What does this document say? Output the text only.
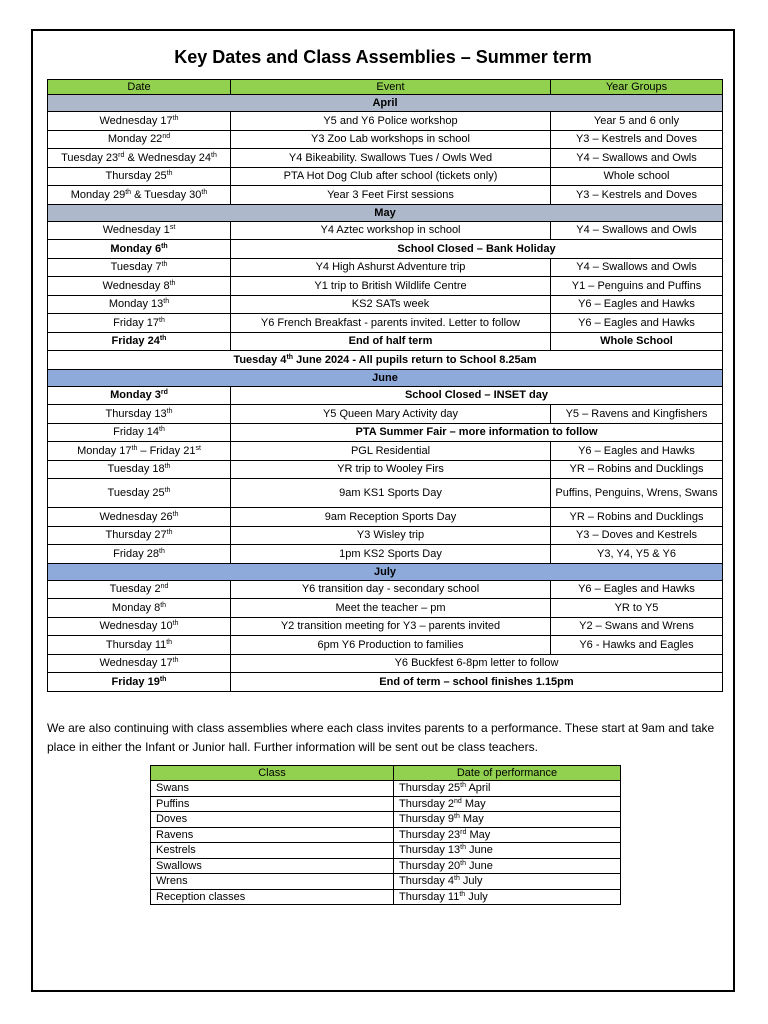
Key Dates and Class Assemblies – Summer term
Date	Event	Year Groups
April		
Wednesday 17th	Y5 and Y6 Police workshop	Year 5 and 6 only
Monday 22nd	Y3 Zoo Lab workshops in school	Y3 – Kestrels and Doves
Tuesday 23rd & Wednesday 24th	Y4 Bikeability. Swallows Tues / Owls Wed	Y4 – Swallows and Owls
Thursday 25th	PTA Hot Dog Club after school (tickets only)	Whole school
Monday 29th & Tuesday 30th	Year 3 Feet First sessions	Y3 – Kestrels and Doves
May		
Wednesday 1st	Y4 Aztec workshop in school	Y4 – Swallows and Owls
Monday 6th	School Closed – Bank Holiday	
Tuesday 7th	Y4 High Ashurst Adventure trip	Y4 – Swallows and Owls
Wednesday 8th	Y1 trip to British Wildlife Centre	Y1 – Penguins and Puffins
Monday 13th	KS2 SATs week	Y6 – Eagles and Hawks
Friday 17th	Y6 French Breakfast - parents invited. Letter to follow	Y6 – Eagles and Hawks
Friday 24th	End of half term	Whole School
Tuesday 4th June 2024 - All pupils return to School 8.25am		
June		
Monday 3rd	School Closed – INSET day	
Thursday 13th	Y5 Queen Mary Activity day	Y5 – Ravens and Kingfishers
Friday 14th	PTA Summer Fair – more information to follow	
Monday 17th – Friday 21st	PGL Residential	Y6 – Eagles and Hawks
Tuesday 18th	YR trip to Wooley Firs	YR – Robins and Ducklings
Tuesday 25th	9am KS1 Sports Day	Puffins, Penguins, Wrens, Swans
Wednesday 26th	9am Reception Sports Day	YR – Robins and Ducklings
Thursday 27th	Y3 Wisley trip	Y3 – Doves and Kestrels
Friday 28th	1pm KS2 Sports Day	Y3, Y4, Y5 & Y6
July		
Tuesday 2nd	Y6 transition day - secondary school	Y6 – Eagles and Hawks
Monday 8th	Meet the teacher – pm	YR to Y5
Wednesday 10th	Y2 transition meeting for Y3 – parents invited	Y2 – Swans and Wrens
Thursday 11th	6pm Y6 Production to families	Y6 - Hawks and Eagles
Wednesday 17th	Y6 Buckfest 6-8pm letter to follow	
Friday 19th	End of term – school finishes 1.15pm	
We are also continuing with class assemblies where each class invites parents to a performance. These start at 9am and take place in either the Infant or Junior hall. Further information will be sent out be class teachers.
Class	Date of performance
Swans	Thursday 25th April
Puffins	Thursday 2nd May
Doves	Thursday 9th May
Ravens	Thursday 23rd May
Kestrels	Thursday 13th June
Swallows	Thursday 20th June
Wrens	Thursday 4th July
Reception classes	Thursday 11th July
